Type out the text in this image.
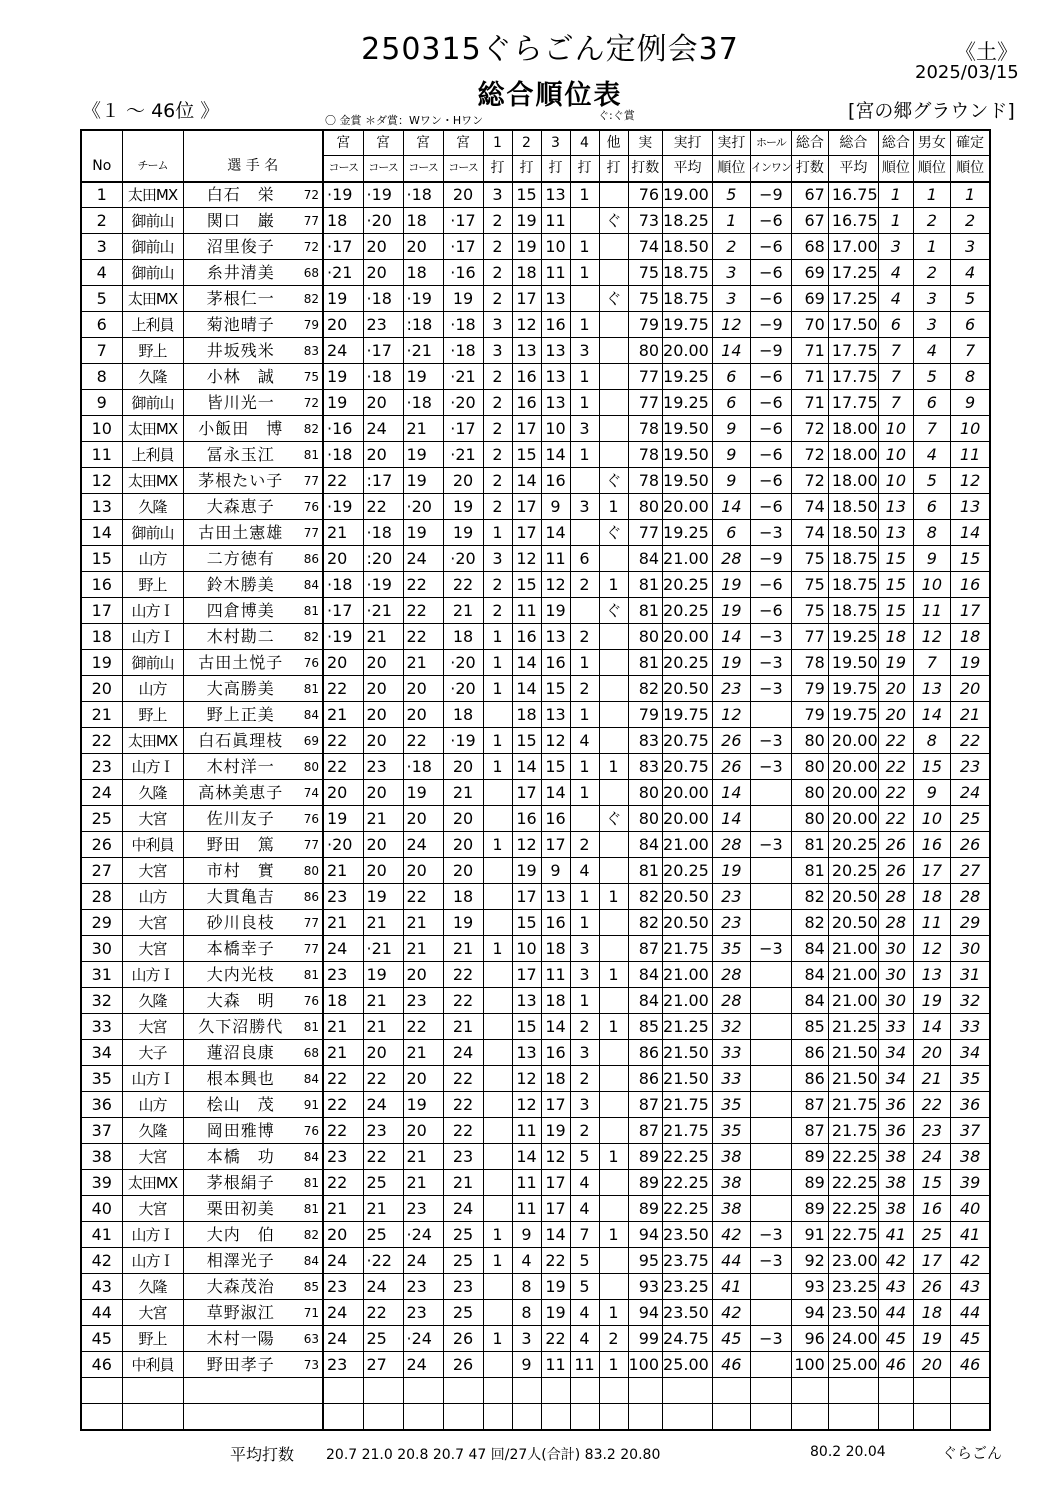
250315ぐらごん定例会37	《土》
2025/03/15
総合順位表
《１ ～ 46位 》	[宮の郷グラウンド]
〇 金賞 ＊ダ賞：Wワン・Hワン	ぐ:ぐ賞
No	チーム	選 手 名		宮	宮	宮	宮	1	2	3	4	他	実	実打	実打	ホール	総合	総合	総合	男女	確定
				コース	コース	コース	コース	打	打	打	打	打	打数	平均	順位	インワン	打数	平均	順位	順位	順位
1	太田MX	白石　栄	72	·19	·19	·18	20	3	15	13	1		76	19.00	5	−9	67	16.75	1	1	1
2	御前山	関口　巌	77	18	·20	18	·17	2	19	11		ぐ	73	18.25	1	−6	67	16.75	1	2	2
3	御前山	沼里俊子	72	·17	20	20	·17	2	19	10	1		74	18.50	2	−6	68	17.00	3	1	3
4	御前山	糸井清美	68	·21	20	18	·16	2	18	11	1		75	18.75	3	−6	69	17.25	4	2	4
5	太田MX	茅根仁一	82	19	·18	·19	19	2	17	13		ぐ	75	18.75	3	−6	69	17.25	4	3	5
6	上利員	菊池晴子	79	20	23	:18	·18	3	12	16	1		79	19.75	12	−9	70	17.50	6	3	6
7	野上	井坂残米	83	24	·17	·21	·18	3	13	13	3		80	20.00	14	−9	71	17.75	7	4	7
8	久隆	小林　誠	75	19	·18	19	·21	2	16	13	1		77	19.25	6	−6	71	17.75	7	5	8
9	御前山	皆川光一	72	19	20	·18	·20	2	16	13	1		77	19.25	6	−6	71	17.75	7	6	9
10	太田MX	小飯田　博	82	·16	24	21	·17	2	17	10	3		78	19.50	9	−6	72	18.00	10	7	10
11	上利員	冨永玉江	81	·18	20	19	·21	2	15	14	1		78	19.50	9	−6	72	18.00	10	4	11
12	太田MX	茅根たい子	77	22	:17	19	20	2	14	16		ぐ	78	19.50	9	−6	72	18.00	10	5	12
13	久隆	大森恵子	76	·19	22	·20	19	2	17	9	3	1	80	20.00	14	−6	74	18.50	13	6	13
14	御前山	古田土憲雄	77	21	·18	19	19	1	17	14		ぐ	77	19.25	6	−3	74	18.50	13	8	14
15	山方	二方徳有	86	20	:20	24	·20	3	12	11	6		84	21.00	28	−9	75	18.75	15	9	15
16	野上	鈴木勝美	84	·18	·19	22	22	2	15	12	2	1	81	20.25	19	−6	75	18.75	15	10	16
17	山方Ｉ	四倉博美	81	·17	·21	22	21	2	11	19		ぐ	81	20.25	19	−6	75	18.75	15	11	17
18	山方Ｉ	木村勘二	82	·19	21	22	18	1	16	13	2		80	20.00	14	−3	77	19.25	18	12	18
19	御前山	古田土悦子	76	20	20	21	·20	1	14	16	1		81	20.25	19	−3	78	19.50	19	7	19
20	山方	大高勝美	81	22	20	20	·20	1	14	15	2		82	20.50	23	−3	79	19.75	20	13	20
21	野上	野上正美	84	21	20	20	18		18	13	1		79	19.75	12		79	19.75	20	14	21
22	太田MX	白石眞理枝	69	22	20	22	·19	1	15	12	4		83	20.75	26	−3	80	20.00	22	8	22
23	山方Ｉ	木村洋一	80	22	23	·18	20	1	14	15	1	1	83	20.75	26	−3	80	20.00	22	15	23
24	久隆	高林美恵子	74	20	20	19	21		17	14	1		80	20.00	14		80	20.00	22	9	24
25	大宮	佐川友子	76	19	21	20	20		16	16		ぐ	80	20.00	14		80	20.00	22	10	25
26	中利員	野田　篤	77	·20	20	24	20	1	12	17	2		84	21.00	28	−3	81	20.25	26	16	26
27	大宮	市村　實	80	21	20	20	20		19	9	4		81	20.25	19		81	20.25	26	17	27
28	山方	大貫亀吉	86	23	19	22	18		17	13	1	1	82	20.50	23		82	20.50	28	18	28
29	大宮	砂川良枝	77	21	21	21	19		15	16	1		82	20.50	23		82	20.50	28	11	29
30	大宮	本橋幸子	77	24	·21	21	21	1	10	18	3		87	21.75	35	−3	84	21.00	30	12	30
31	山方Ｉ	大内光枝	81	23	19	20	22		17	11	3	1	84	21.00	28		84	21.00	30	13	31
32	久隆	大森　明	76	18	21	23	22		13	18	1		84	21.00	28		84	21.00	30	19	32
33	大宮	久下沼勝代	81	21	21	22	21		15	14	2	1	85	21.25	32		85	21.25	33	14	33
34	大子	蓮沼良康	68	21	20	21	24		13	16	3		86	21.50	33		86	21.50	34	20	34
35	山方Ｉ	根本興也	84	22	22	20	22		12	18	2		86	21.50	33		86	21.50	34	21	35
36	山方	桧山　茂	91	22	24	19	22		12	17	3		87	21.75	35		87	21.75	36	22	36
37	久隆	岡田雅博	76	22	23	20	22		11	19	2		87	21.75	35		87	21.75	36	23	37
38	大宮	本橋　功	84	23	22	21	23		14	12	5	1	89	22.25	38		89	22.25	38	24	38
39	太田MX	茅根絹子	81	22	25	21	21		11	17	4		89	22.25	38		89	22.25	38	15	39
40	大宮	栗田初美	81	21	21	23	24		11	17	4		89	22.25	38		89	22.25	38	16	40
41	山方Ｉ	大内　伯	82	20	25	·24	25	1	9	14	7	1	94	23.50	42	−3	91	22.75	41	25	41
42	山方Ｉ	相澤光子	84	24	·22	24	25	1	4	22	5		95	23.75	44	−3	92	23.00	42	17	42
43	久隆	大森茂治	85	23	24	23	23		8	19	5		93	23.25	41		93	23.25	43	26	43
44	大宮	草野淑江	71	24	22	23	25		8	19	4	1	94	23.50	42		94	23.50	44	18	44
45	野上	木村一陽	63	24	25	·24	26	1	3	22	4	2	99	24.75	45	−3	96	24.00	45	19	45
46	中利員	野田孝子	73	23	27	24	26		9	11	11	1	100	25.00	46		100	25.00	46	20	46

平均打数 20.7 21.0 20.8 20.7 47 回/27人(合計) 83.2 20.80	80.2 20.04	ぐらごん
